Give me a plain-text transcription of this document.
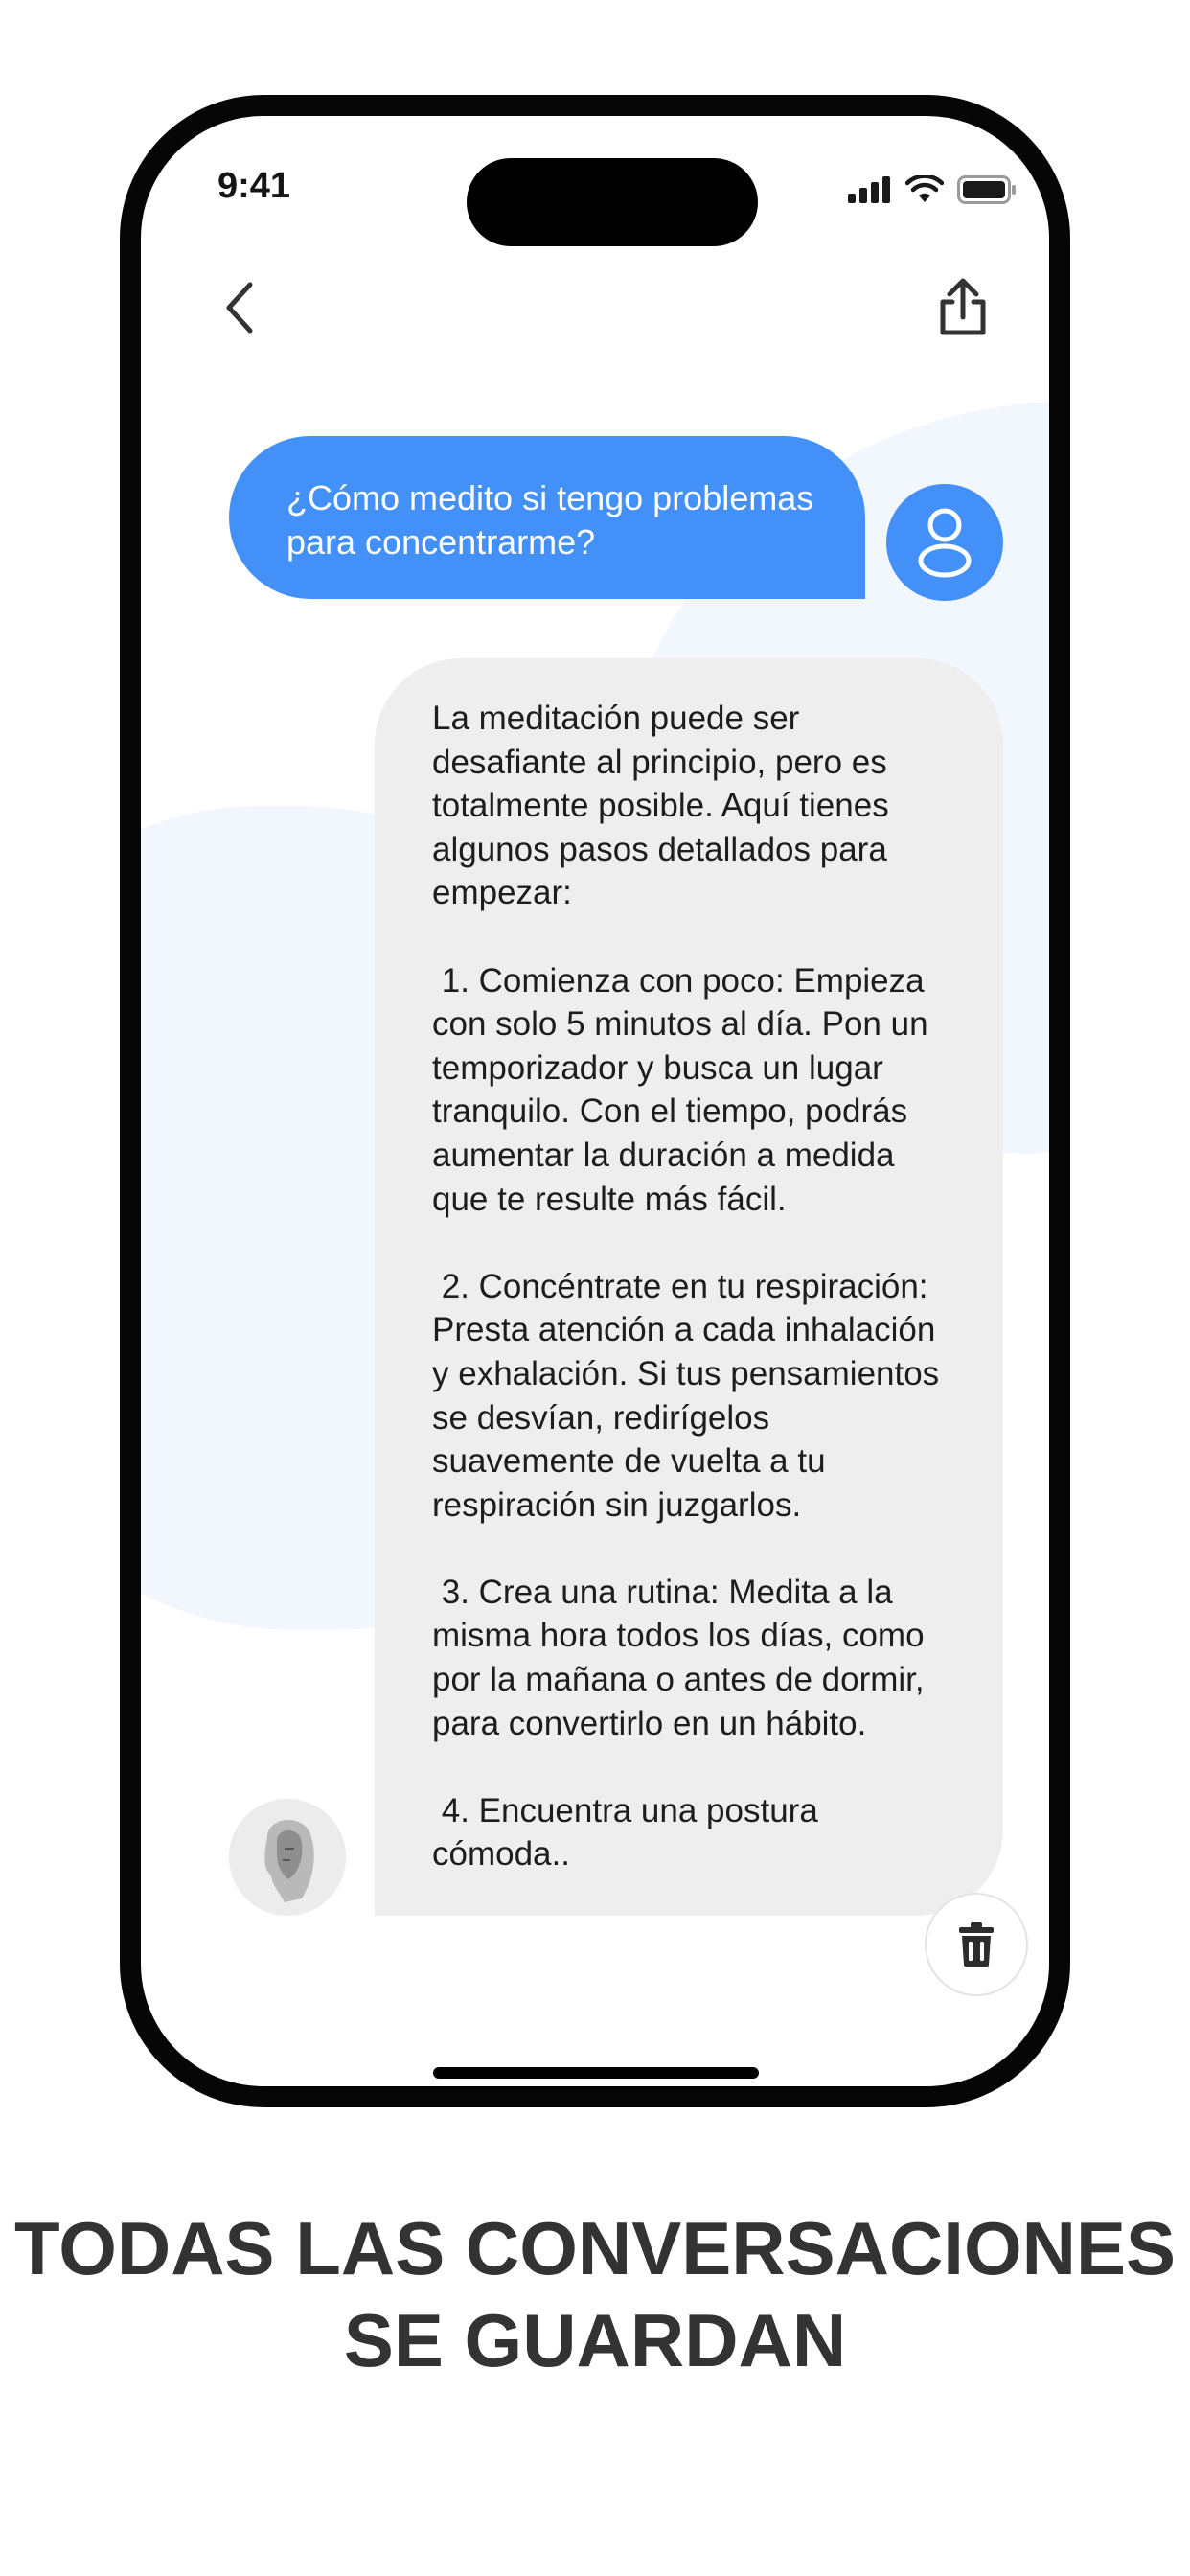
9:41
¿Cómo medito si tengo problemas para concentrarme?
La meditación puede ser desafiante al principio, pero es totalmente posible. Aquí tienes algunos pasos detallados para empezar:

1. Comienza con poco: Empieza con solo 5 minutos al día. Pon un temporizador y busca un lugar tranquilo. Con el tiempo, podrás aumentar la duración a medida que te resulte más fácil.

2. Concéntrate en tu respiración: Presta atención a cada inhalación y exhalación. Si tus pensamientos se desvían, redirígelos suavemente de vuelta a tu respiración sin juzgarlos.

3. Crea una rutina: Medita a la misma hora todos los días, como por la mañana o antes de dormir, para convertirlo en un hábito.

4. Encuentra una postura cómoda..
TODAS LAS CONVERSACIONES
SE GUARDAN
